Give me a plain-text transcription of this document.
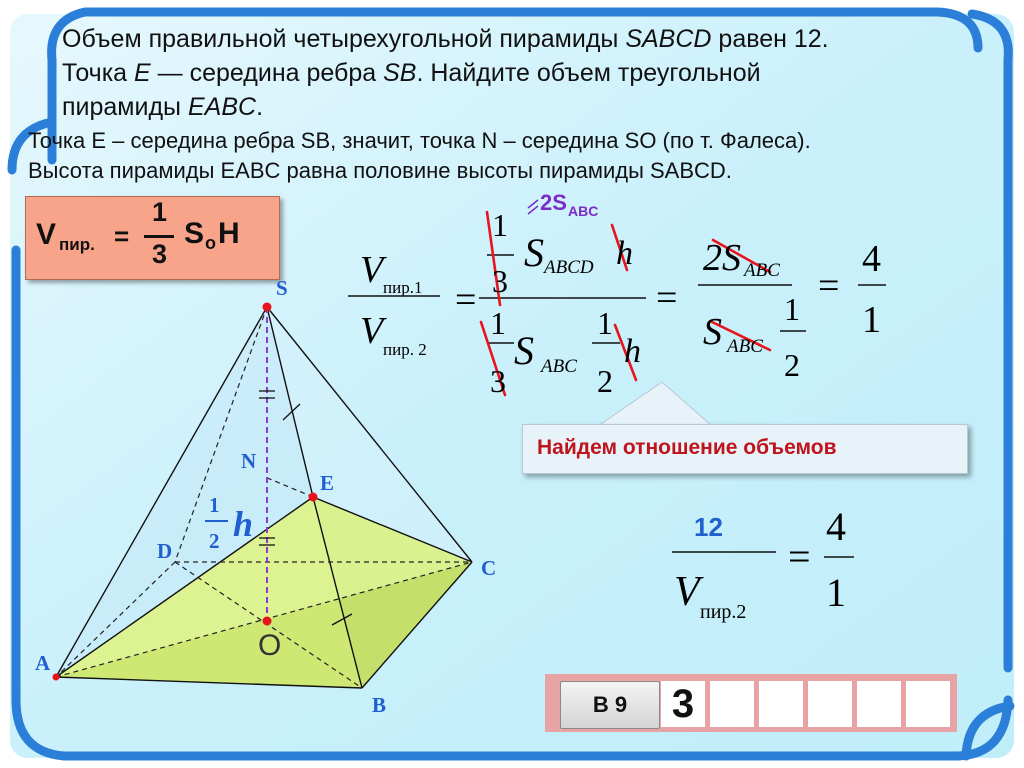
Объем правильной четырехугольной пирамиды SABCD равен 12.
Точка E — середина ребра SB. Найдите объем треугольной
пирамиды EABC.
Точка E – середина ребра SB, значит, точка N – середина SO (по т. Фалеса).
Высота пирамиды EABC равна половине высоты пирамиды SABCD.
V пир. =
1
3
S o H
V пир.1
V пир. 2
=
1
3
S ABCD h
1
3
S ABC
1
2
h
=
2S ABC
S ABC
1
2
=
4
1
2S ABC
12
V пир.2
=
4
1
S
N
E
D
C
A
B
1
2 h
O
Найдем отношение объемов
В 9	3
